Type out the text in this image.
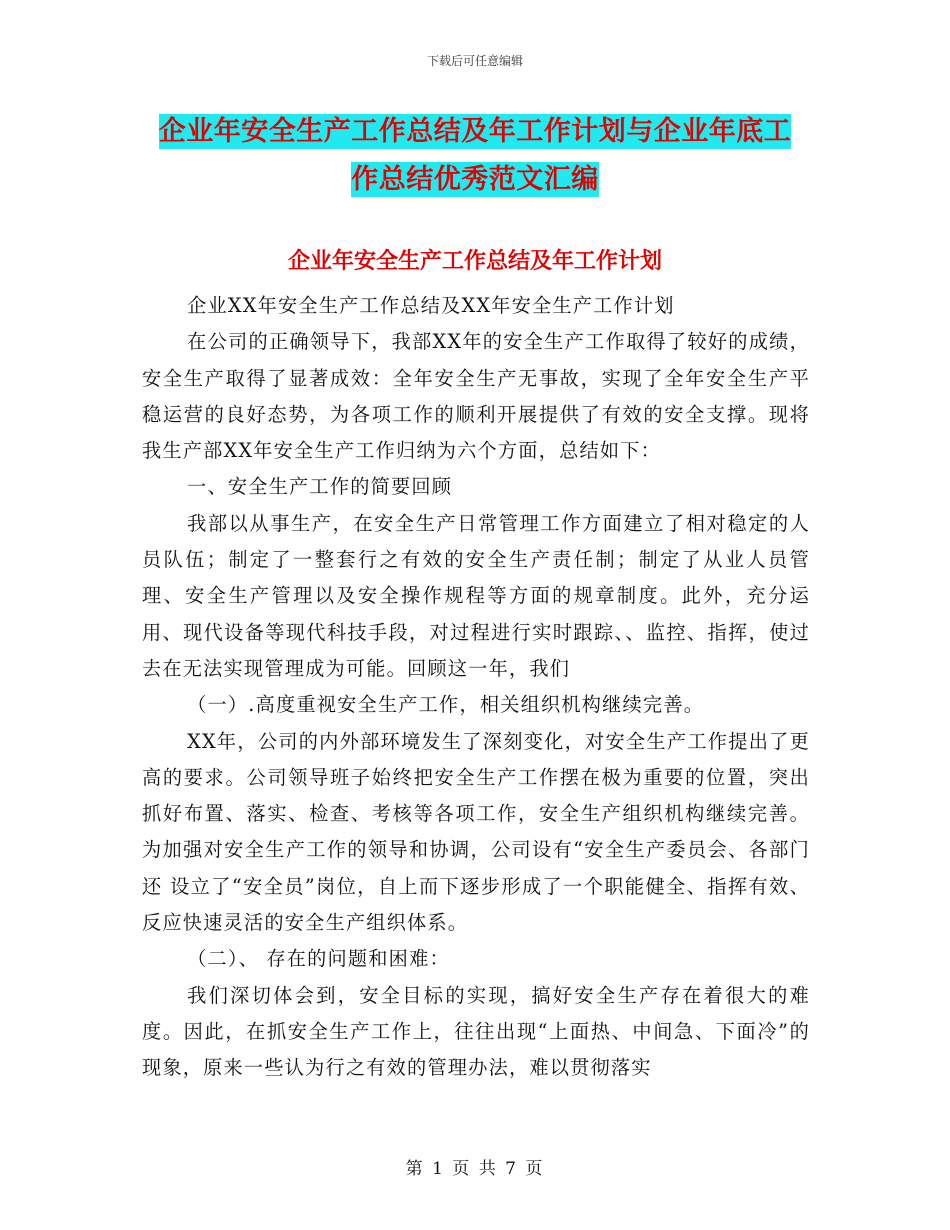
下载后可任意编辑
企业年安全生产工作总结及年工作计划与企业年底工
作总结优秀范文汇编
企业年安全生产工作总结及年工作计划

企业XX年安全生产工作总结及XX年安全生产工作计划

在公司的正确领导下，我部XX年的安全生产工作取得了较好的成绩，安全生产取得了显著成效：全年安全生产无事故，实现了全年安全生产平稳运营的良好态势，为各项工作的顺利开展提供了有效的安全支撑。现将我生产部XX年安全生产工作归纳为六个方面，总结如下：

一、安全生产工作的简要回顾

我部以从事生产，在安全生产日常管理工作方面建立了相对稳定的人员队伍；制定了一整套行之有效的安全生产责任制；制定了从业人员管理、安全生产管理以及安全操作规程等方面的规章制度。此外，充分运用、现代设备等现代科技手段，对过程进行实时跟踪、、监控、指挥，使过去在无法实现管理成为可能。回顾这一年，我们

（一）.高度重视安全生产工作，相关组织机构继续完善。

XX年，公司的内外部环境发生了深刻变化，对安全生产工作提出了更高的要求。公司领导班子始终把安全生产工作摆在极为重要的位置，突出抓好布置、落实、检查、考核等各项工作，安全生产组织机构继续完善。为加强对安全生产工作的领导和协调，公司设有“安全生产委员会、各部门还 设立了“安全员”岗位，自上而下逐步形成了一个职能健全、指挥有效、反应快速灵活的安全生产组织体系。

（二）、 存在的问题和困难：

我们深切体会到，安全目标的实现，搞好安全生产存在着很大的难度。因此，在抓安全生产工作上，往往出现“上面热、中间急、下面冷”的现象，原来一些认为行之有效的管理办法，难以贯彻落实

第 1 页 共 7 页
